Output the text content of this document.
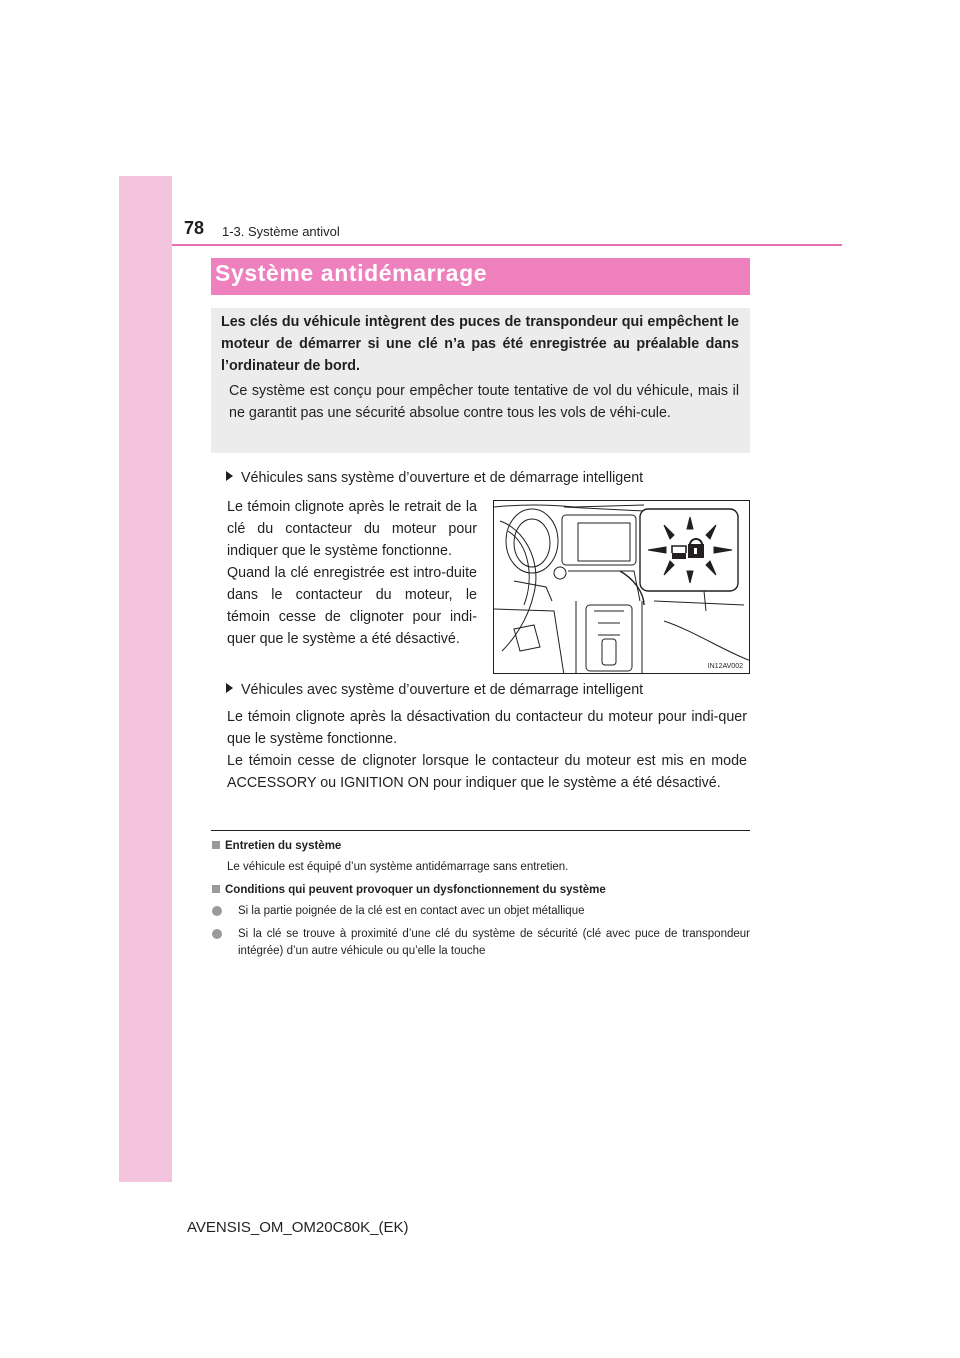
78 1-3. Système antivol
Système antidémarrage

Les clés du véhicule intègrent des puces de transpondeur qui empêchent le moteur de démarrer si une clé n’a pas été enregistrée au préalable dans l’ordinateur de bord.

Ce système est conçu pour empêcher toute tentative de vol du véhicule, mais il ne garantit pas une sécurité absolue contre tous les vols de véhi-cule.

Véhicules sans système d’ouverture et de démarrage intelligent

Le témoin clignote après le retrait de la clé du contacteur du moteur pour indiquer que le système fonctionne.

Quand la clé enregistrée est intro-duite dans le contacteur du moteur, le témoin cesse de clignoter pour indi-quer que le système a été désactivé.

IN12AV002
Véhicules avec système d’ouverture et de démarrage intelligent

Le témoin clignote après la désactivation du contacteur du moteur pour indi-quer que le système fonctionne.

Le témoin cesse de clignoter lorsque le contacteur du moteur est mis en mode ACCESSORY ou IGNITION ON pour indiquer que le système a été désactivé.

Entretien du système

Le véhicule est équipé d’un système antidémarrage sans entretien.

Conditions qui peuvent provoquer un dysfonctionnement du système
Si la partie poignée de la clé est en contact avec un objet métallique
Si la clé se trouve à proximité d’une clé du système de sécurité (clé avec puce de transpondeur intégrée) d’un autre véhicule ou qu’elle la touche
AVENSIS_OM_OM20C80K_(EK)
